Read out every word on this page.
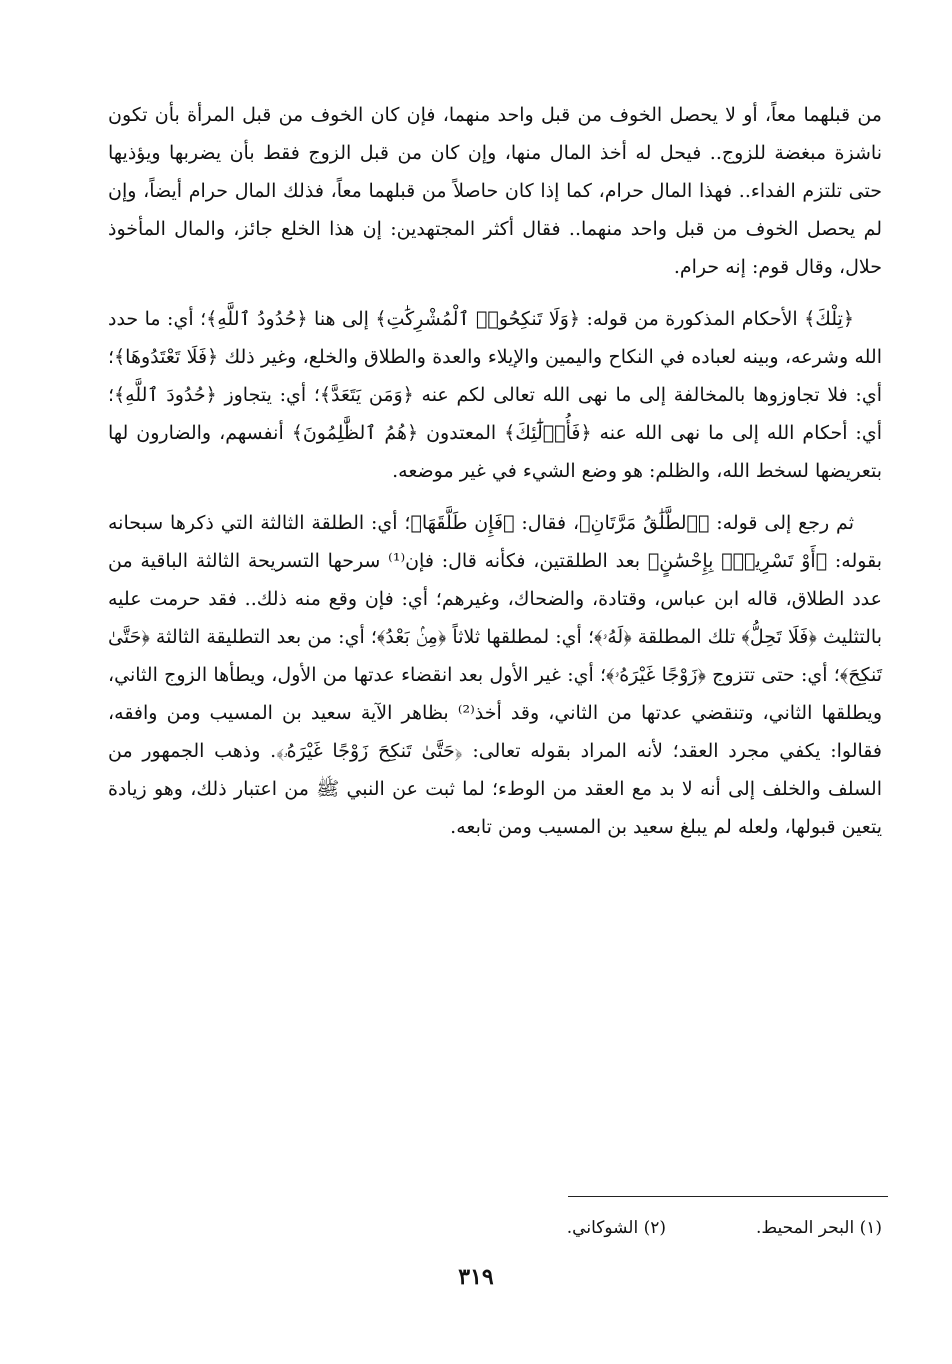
من قبلهما معاً، أو لا يحصل الخوف من قبل واحد منهما، فإن كان الخوف من قبل المرأة بأن تكون ناشزة مبغضة للزوج.. فيحل له أخذ المال منها، وإن كان من قبل الزوج فقط بأن يضربها ويؤذيها حتى تلتزم الفداء.. فهذا المال حرام، كما إذا كان حاصلاً من قبلهما معاً، فذلك المال حرام أيضاً، وإن لم يحصل الخوف من قبل واحد منهما.. فقال أكثر المجتهدين: إن هذا الخلع جائز، والمال المأخوذ حلال، وقال قوم: إنه حرام.

﴿تِلْكَ﴾ الأحكام المذكورة من قوله: ﴿وَلَا تَنكِحُوا۟ ٱلْمُشْرِكَٰتِ﴾ إلى هنا ﴿حُدُودُ ٱللَّهِ﴾؛ أي: ما حدد الله وشرعه، وبينه لعباده في النكاح واليمين والإيلاء والعدة والطلاق والخلع، وغير ذلك ﴿فَلَا تَعْتَدُوهَا﴾؛ أي: فلا تجاوزوها بالمخالفة إلى ما نهى الله تعالى لكم عنه ﴿وَمَن يَتَعَدَّ﴾؛ أي: يتجاوز ﴿حُدُودَ ٱللَّهِ﴾؛ أي: أحكام الله إلى ما نهى الله عنه ﴿فَأُو۟لَٰٓئِكَ﴾ المعتدون ﴿هُمُ ٱلظَّٰلِمُونَ﴾ أنفسهم، والضارون لها بتعريضها لسخط الله، والظلم: هو وضع الشيء في غير موضعه.

ثم رجع إلى قوله: ﴿ٱلطَّلَٰقُ مَرَّتَانِ﴾، فقال: ﴿فَإِن طَلَّقَهَا﴾؛ أي: الطلقة الثالثة التي ذكرها سبحانه بقوله: ﴿أَوْ تَسْرِيحٌۢ بِإِحْسَٰنٍ﴾ بعد الطلقتين، فكأنه قال: فإن⁽¹⁾ سرحها التسريحة الثالثة الباقية من عدد الطلاق، قاله ابن عباس، وقتادة، والضحاك، وغيرهم؛ أي: فإن وقع منه ذلك.. فقد حرمت عليه بالتثليث ﴿فَلَا تَحِلُّ﴾ تلك المطلقة ﴿لَهُۥ﴾؛ أي: لمطلقها ثلاثاً ﴿مِنۢ بَعْدُ﴾؛ أي: من بعد التطليقة الثالثة ﴿حَتَّىٰ تَنكِحَ﴾؛ أي: حتى تتزوج ﴿زَوْجًا غَيْرَهُۥ﴾؛ أي: غير الأول بعد انقضاء عدتها من الأول، ويطأها الزوج الثاني، ويطلقها الثاني، وتنقضي عدتها من الثاني، وقد أخذ⁽²⁾ بظاهر الآية سعيد بن المسيب ومن وافقه، فقالوا: يكفي مجرد العقد؛ لأنه المراد بقوله تعالى: ﴿حَتَّىٰ تَنكِحَ زَوْجًا غَيْرَهُۥ﴾. وذهب الجمهور من السلف والخلف إلى أنه لا بد مع العقد من الوطء؛ لما ثبت عن النبي ﷺ من اعتبار ذلك، وهو زيادة يتعين قبولها، ولعله لم يبلغ سعيد بن المسيب ومن تابعه.

(١) البحر المحيط.
(٢) الشوكاني.
٣١٩
